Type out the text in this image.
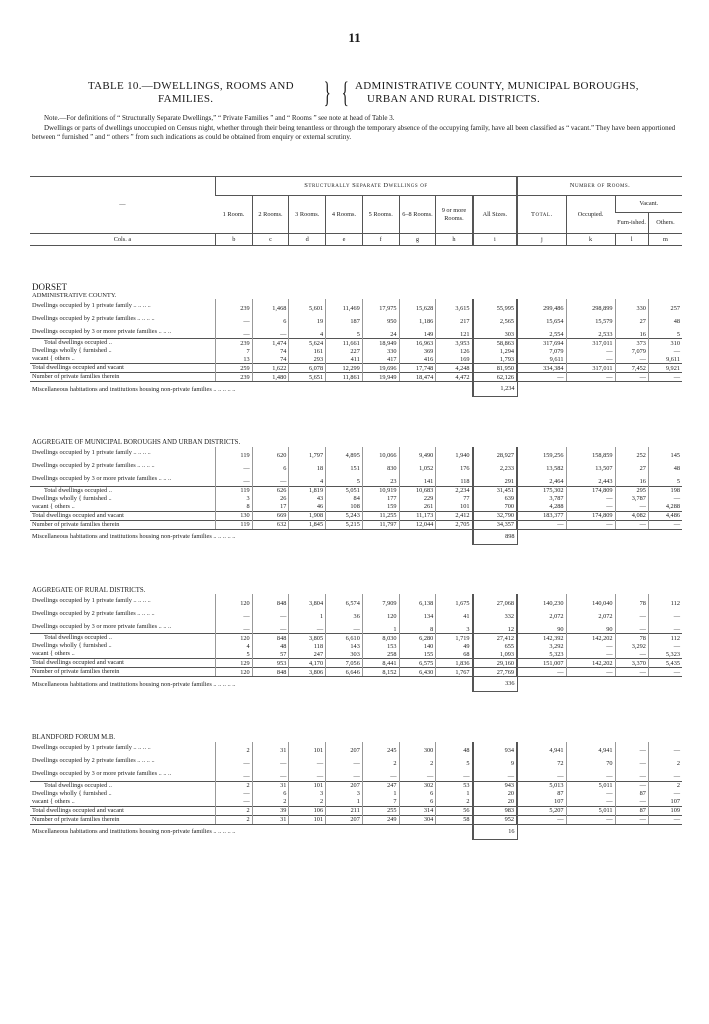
11
TABLE 10.—DWELLINGS, ROOMS AND
FAMILIES.	} { ADMINISTRATIVE COUNTY, MUNICIPAL BOROUGHS,
URBAN AND RURAL DISTRICTS.

Note.—For definitions of “ Structurally Separate Dwellings,” “ Private Families ” and “ Rooms ” see note at head of Table 3.

Dwellings or parts of dwellings unoccupied on Census night, whether through their being tenantless or through the temporary absence of the occupying family, have all been classified as “ vacant.” They have been apportioned between “ furnished ” and “ others ” from such indications as could be obtained from enquiry or external scrutiny.

—	Structurally Separate Dwellings of								Number of Rooms.			
	1 Room.	2 Rooms.	3 Rooms.	4 Rooms.	5 Rooms.	6–8 Rooms.	9 or more Rooms.	All Sizes.	Total.	Occupied.	Vacant.	
											Furn-ished.	Others.
Cols. a	b	c	d	e	f	g	h	i	j	k	l	m

DORSET												
ADMINISTRATIVE COUNTY.												
Dwellings occupied by 1 private family .. .. .. ..	239	1,468	5,601	11,469	17,975	15,628	3,615	55,995	299,486	298,899	330	257
Dwellings occupied by 2 private families .. .. .. ..	—	6	19	187	950	1,186	217	2,565	15,654	15,579	27	48
Dwellings occupied by 3 or more private families .. .. ..	—	—	4	5	24	149	121	303	2,554	2,533	16	5
Total dwellings occupied ..	239	1,474	5,624	11,661	18,949	16,963	3,953	58,863	317,694	317,011	373	310
Dwellings wholly { furnished ..	7	74	161	227	330	369	126	1,294	7,079	—	7,079	—
vacant { others ..	13	74	293	411	417	416	169	1,793	9,611	—	—	9,611
Total dwellings occupied and vacant	259	1,622	6,078	12,299	19,696	17,748	4,248	81,950	334,384	317,011	7,452	9,921
Number of private families therein	239	1,480	5,651	11,861	19,949	18,474	4,472	62,126	—	—	—	—
Miscellaneous habitations and institutions housing non-private families .. .. .. .. ..								1,234				

AGGREGATE OF MUNICIPAL BOROUGHS AND URBAN DISTRICTS.												
Dwellings occupied by 1 private family .. .. .. ..	119	620	1,797	4,895	10,066	9,490	1,940	28,927	159,256	158,859	252	145
Dwellings occupied by 2 private families .. .. .. ..	—	6	18	151	830	1,052	176	2,233	13,582	13,507	27	48
Dwellings occupied by 3 or more private families .. .. ..	—	—	4	5	23	141	118	291	2,464	2,443	16	5
Total dwellings occupied ..	119	626	1,819	5,051	10,919	10,683	2,234	31,451	175,302	174,809	295	198
Dwellings wholly { furnished ..	3	26	43	84	177	229	77	639	3,787	—	3,787	—
vacant { others ..	8	17	46	108	159	261	101	700	4,288	—	—	4,288
Total dwellings occupied and vacant	130	669	1,908	5,243	11,255	11,173	2,412	32,790	183,377	174,809	4,082	4,486
Number of private families therein	119	632	1,845	5,215	11,797	12,044	2,705	34,357	—	—	—	—
Miscellaneous habitations and institutions housing non-private families .. .. .. .. ..								898				

AGGREGATE OF RURAL DISTRICTS.												
Dwellings occupied by 1 private family .. .. .. ..	120	848	3,804	6,574	7,909	6,138	1,675	27,068	140,230	140,040	78	112
Dwellings occupied by 2 private families .. .. .. ..	—	—	1	36	120	134	41	332	2,072	2,072	—	—
Dwellings occupied by 3 or more private families .. .. ..	—	—	—	—	1	8	3	12	90	90	—	—
Total dwellings occupied ..	120	848	3,805	6,610	8,030	6,280	1,719	27,412	142,392	142,202	78	112
Dwellings wholly { furnished ..	4	48	118	143	153	140	49	655	3,292	—	3,292	—
vacant { others ..	5	57	247	303	258	155	68	1,093	5,323	—	—	5,323
Total dwellings occupied and vacant	129	953	4,170	7,056	8,441	6,575	1,836	29,160	151,007	142,202	3,370	5,435
Number of private families therein	120	848	3,806	6,646	8,152	6,430	1,767	27,769	—	—	—	—
Miscellaneous habitations and institutions housing non-private families .. .. .. .. ..								336				

BLANDFORD FORUM M.B.												
Dwellings occupied by 1 private family .. .. .. ..	2	31	101	207	245	300	48	934	4,941	4,941	—	—
Dwellings occupied by 2 private families .. .. .. ..	—	—	—	—	2	2	5	9	72	70	—	2
Dwellings occupied by 3 or more private families .. .. ..	—	—	—	—	—	—	—	—	—	—	—	—
Total dwellings occupied ..	2	31	101	207	247	302	53	943	5,013	5,011	—	2
Dwellings wholly { furnished ..	—	6	3	3	1	6	1	20	87	—	87	—
vacant { others ..	—	2	2	1	7	6	2	20	107	—	—	107
Total dwellings occupied and vacant	2	39	106	211	255	314	56	983	5,207	5,011	87	109
Number of private families therein	2	31	101	207	249	304	58	952	—	—	—	—
Miscellaneous habitations and institutions housing non-private families .. .. .. .. ..								16				
